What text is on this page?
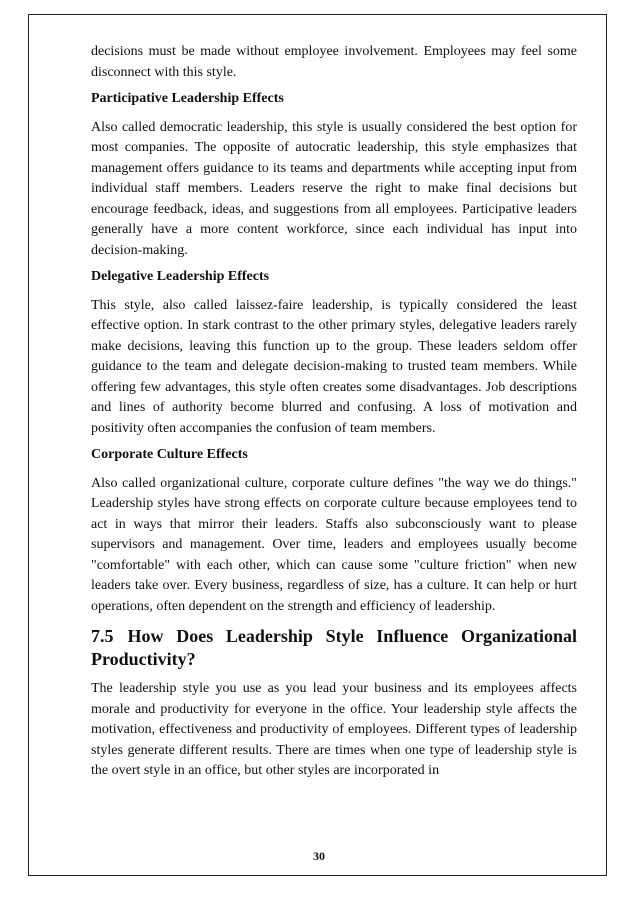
decisions must be made without employee involvement. Employees may feel some disconnect with this style.

Participative Leadership Effects

Also called democratic leadership, this style is usually considered the best option for most companies. The opposite of autocratic leadership, this style emphasizes that management offers guidance to its teams and departments while accepting input from individual staff members. Leaders reserve the right to make final decisions but encourage feedback, ideas, and suggestions from all employees. Participative leaders generally have a more content workforce, since each individual has input into decision-making.

Delegative Leadership Effects

This style, also called laissez-faire leadership, is typically considered the least effective option. In stark contrast to the other primary styles, delegative leaders rarely make decisions, leaving this function up to the group. These leaders seldom offer guidance to the team and delegate decision-making to trusted team members. While offering few advantages, this style often creates some disadvantages. Job descriptions and lines of authority become blurred and confusing. A loss of motivation and positivity often accompanies the confusion of team members.

Corporate Culture Effects

Also called organizational culture, corporate culture defines "the way we do things." Leadership styles have strong effects on corporate culture because employees tend to act in ways that mirror their leaders. Staffs also subconsciously want to please supervisors and management. Over time, leaders and employees usually become "comfortable" with each other, which can cause some "culture friction" when new leaders take over. Every business, regardless of size, has a culture. It can help or hurt operations, often dependent on the strength and efficiency of leadership.

7.5 How Does Leadership Style Influence Organizational Productivity?

The leadership style you use as you lead your business and its employees affects morale and productivity for everyone in the office. Your leadership style affects the motivation, effectiveness and productivity of employees. Different types of leadership styles generate different results. There are times when one type of leadership style is the overt style in an office, but other styles are incorporated in

30
